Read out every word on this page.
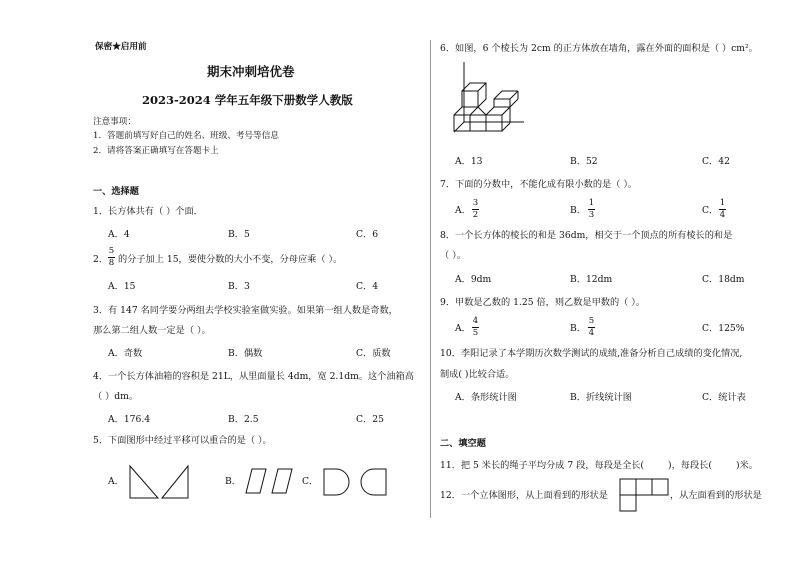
保密★启用前
期末冲刺培优卷
2023-2024 学年五年级下册数学人教版
注意事项：
1．答题前填写好自己的姓名、班级、考号等信息
2．请将答案正确填写在答题卡上
一、选择题
1．长方体共有（ ）个面．
A．4	B．5	C．6
2．
5
8 的分子加上 15，要使分数的大小不变，分母应乘（ ）。
A．15	B．3	C．4
3．有 147 名同学要分两组去学校实验室做实验。如果第一组人数是奇数，
那么第二组人数一定是（ ）。
A．奇数	B．偶数	C．质数
4．一个长方体油箱的容积是 21L，从里面量长 4dm，宽 2.1dm。这个油箱高
（ ）dm。
A．176.4	B．2.5	C．25
5．下面图形中经过平移可以重合的是（ ）。
A．	B．	C．
6．如图，6 个棱长为 2cm 的正方体放在墙角，露在外面的面积是（ ）cm²。
A．13	B．52	C．42
7．下面的分数中，不能化成有限小数的是（ ）。
A．
3
2	B．
1
3	C．
1
4
8．一个长方体的棱长的和是 36dm，相交于一个顶点的所有棱长的和是
（ ）。
A．9dm	B．12dm	C．18dm
9．甲数是乙数的 1.25 倍，则乙数是甲数的（ ）。
A．
4
5	B．
5
4	C．125%
10．李阳记录了本学期历次数学测试的成绩,准备分析自己成绩的变化情况,
制成( )比较合适。
A．条形统计图	B．折线统计图	C．统计表
二、填空题
11．把 5 米长的绳子平均分成 7 段，每段是全长(	)，每段长(	)米。
12．一个立体图形，从上面看到的形状是	，从左面看到的形状是
